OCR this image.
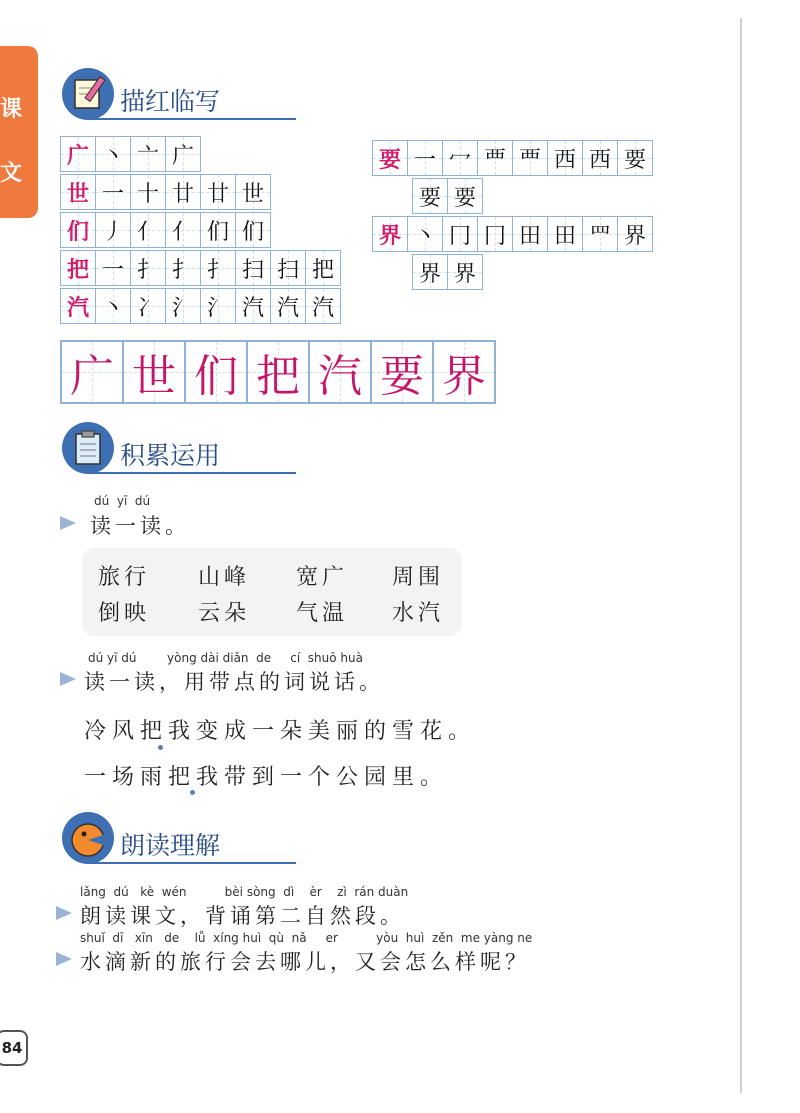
课
文
描红临写
广 丶 亠 广
世 一 十 廿 廿 世
们 丿 亻 亻 们 们
把 一 扌 扌 扌 扫 扫 把
汽 丶 冫 氵 氵 汽 汽 汽
要 一 冖 覀 覀 西 西 要
要 要
界 丶 冂 冂 田 田 罒 界
界 界
广 世 们 把 汽 要 界
积累运用
dú  yī  dú
读一读。
旅行 山峰 宽广 周围
倒映 云朵 气温 水汽
dú yī dú        yòng dài diǎn  de     cí  shuō huà
读一读，用带点的词说话。
冷风把我变成一朵美丽的雪花。
一场雨把我带到一个公园里。
朗读理解
lǎng  dú   kè  wén          bèi sòng  dì    èr    zì  rán duàn
朗读课文，背诵第二自然段。
shuǐ  dī   xīn   de    lǚ  xíng huì  qù  nǎ     er          yòu  huì  zěn  me yàng ne
水滴新的旅行会去哪儿，又会怎么样呢？
84
